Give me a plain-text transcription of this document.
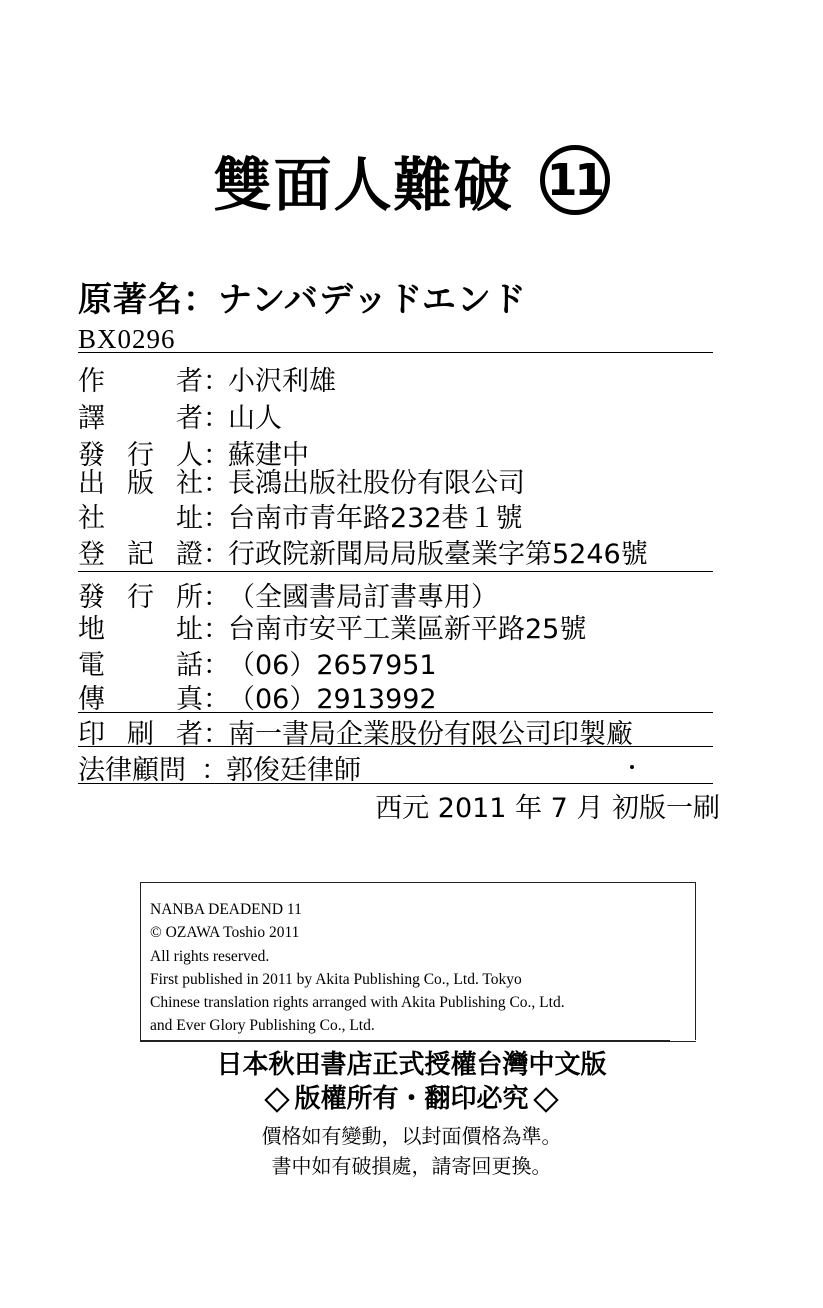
雙面人難破 11
原著名：ナンバデッドエンド
BX0296
作	者 ：
小沢利雄
譯	者 ：
山人
發 行 人 ：
蘇建中
出 版 社 ：
長鴻出版社股份有限公司
社	址 ：
台南市青年路232巷１號
登 記 證 ：
行政院新聞局局版臺業字第5246號
發 行 所 ：
（全國書局訂書專用）
地	址 ：
台南市安平工業區新平路25號
電	話 ：
（06）2657951
傳	真 ：
（06）2913992
印 刷 者 ：
南一書局企業股份有限公司印製廠
法律顧問 ：
郭俊廷律師
西元 2011 年 7 月 初版一刷
NANBA DEADEND 11
© OZAWA Toshio 2011
All rights reserved.
First published in 2011 by Akita Publishing Co., Ltd. Tokyo
Chinese translation rights arranged with Akita Publishing Co., Ltd.
and Ever Glory Publishing Co., Ltd.
日本秋田書店正式授權台灣中文版
版權所有・翻印必究
價格如有變動，以封面價格為準。
書中如有破損處，請寄回更換。
